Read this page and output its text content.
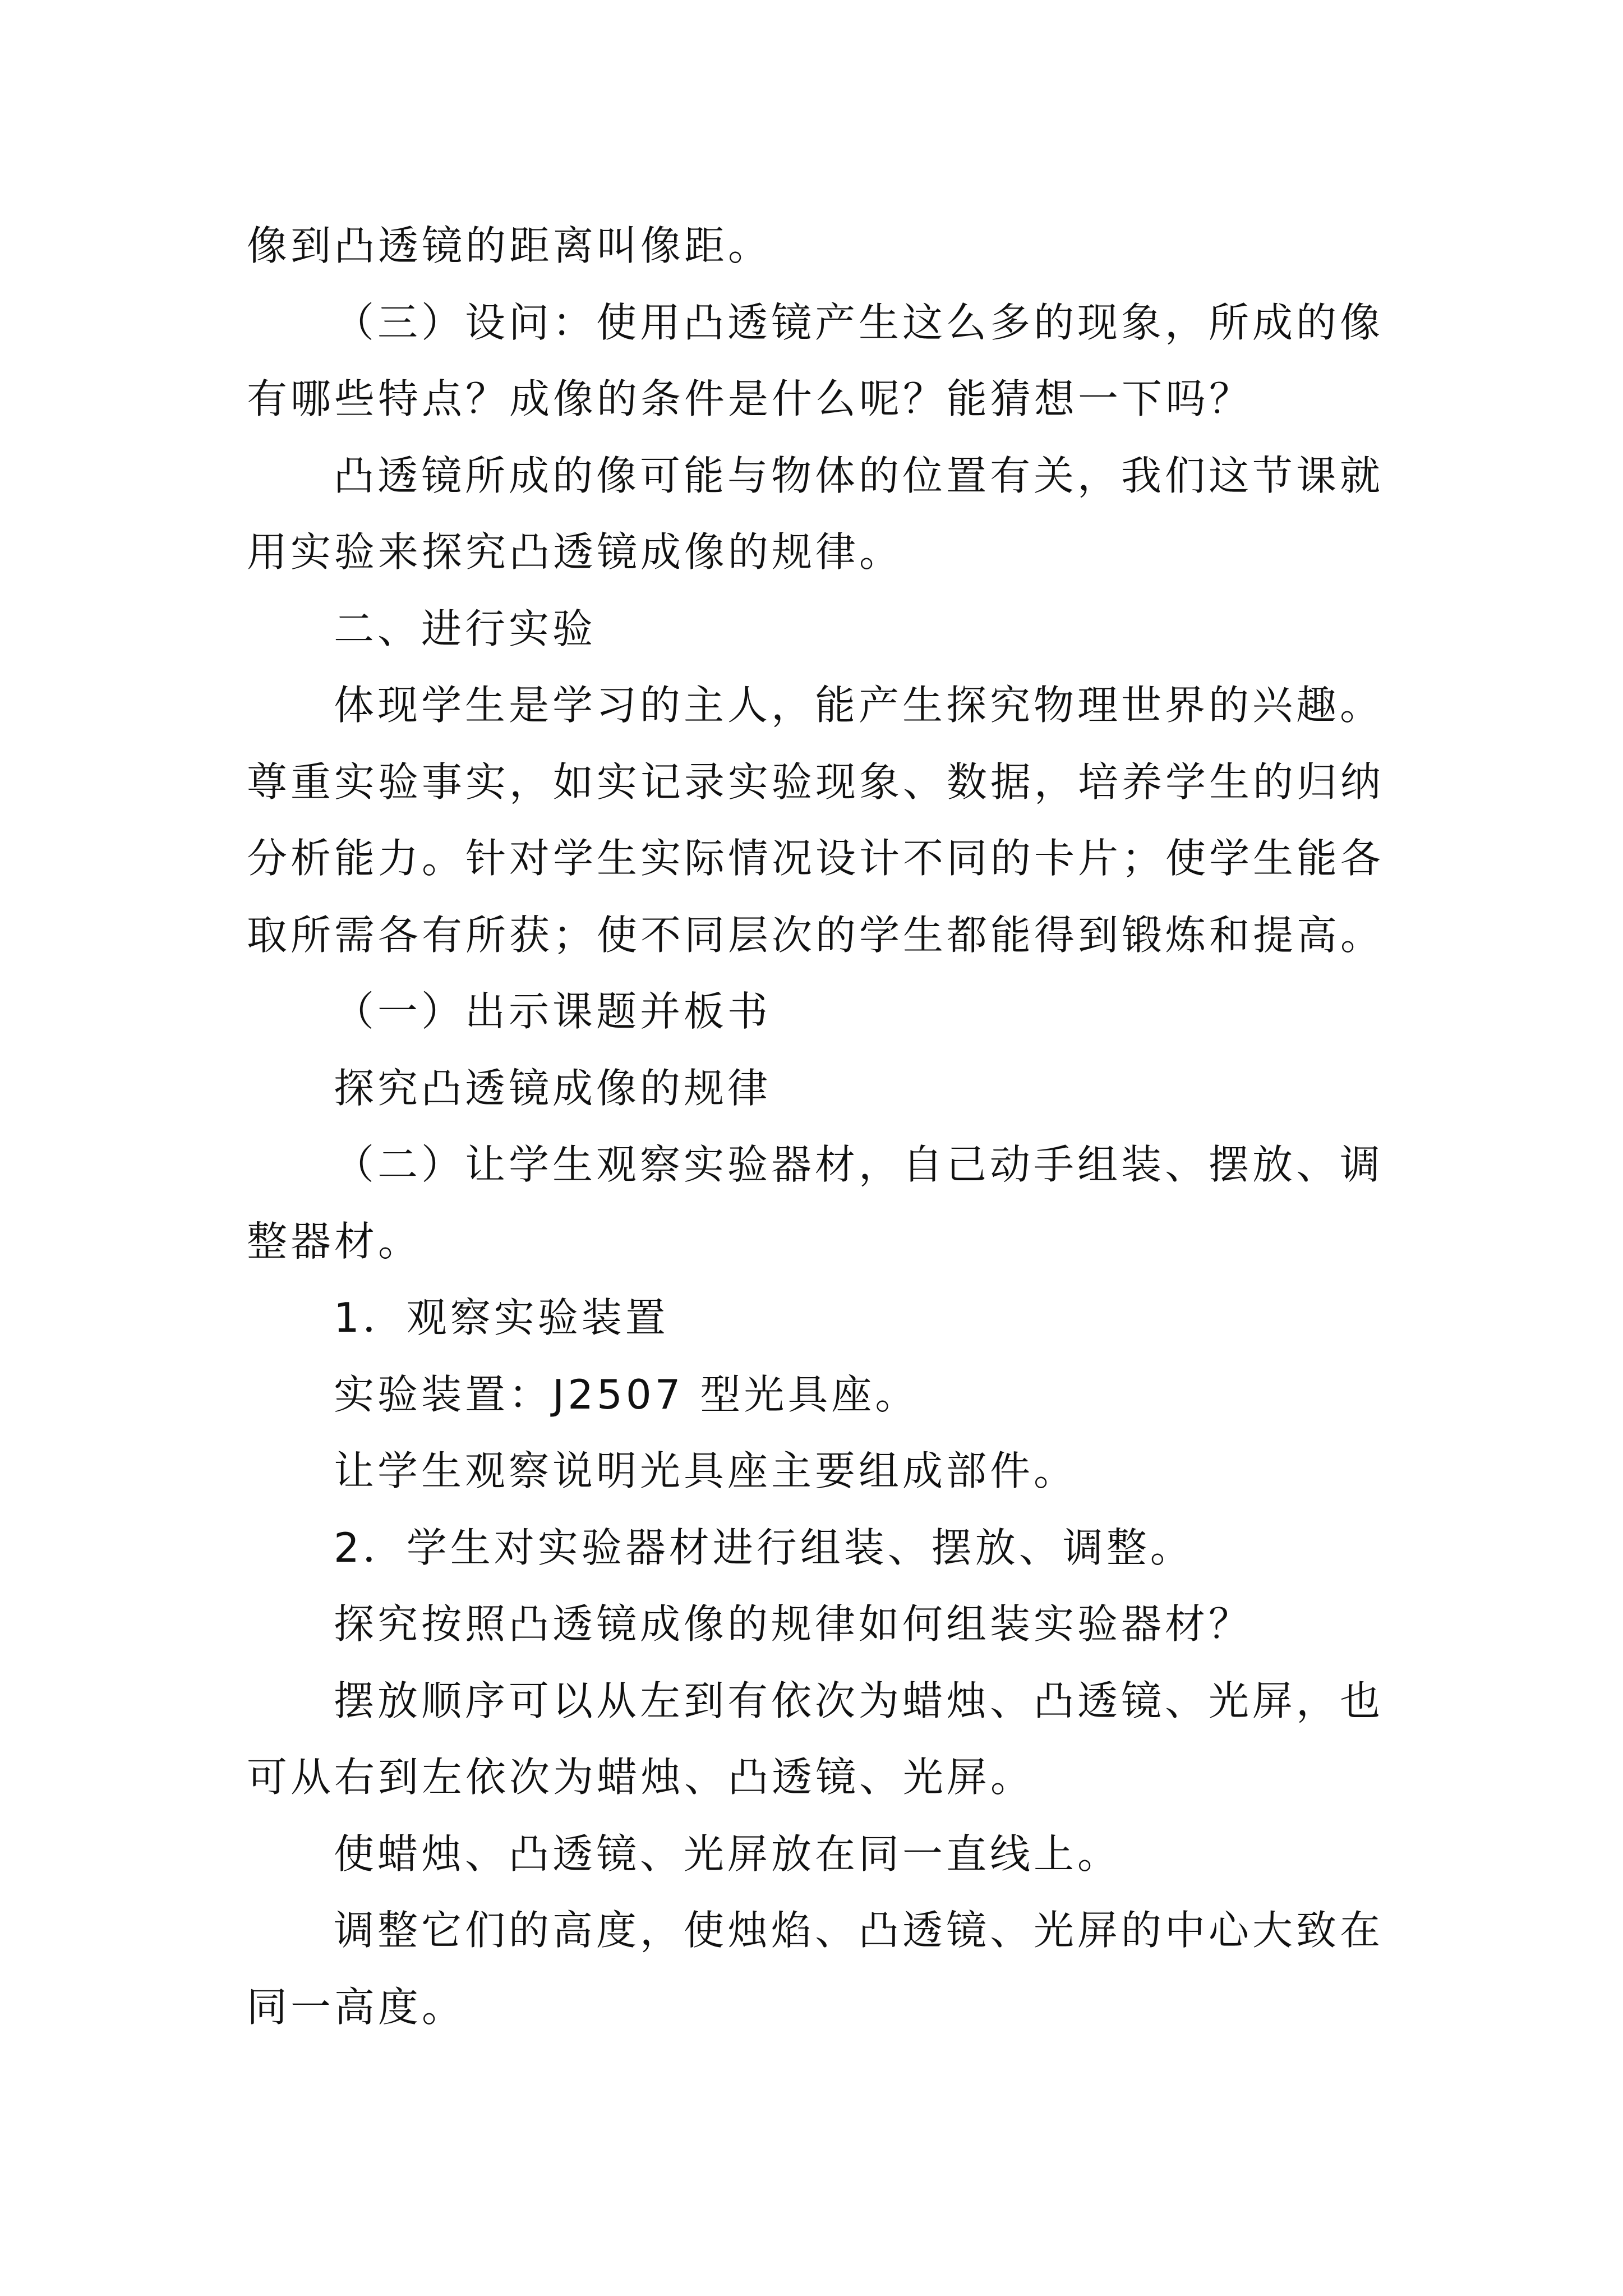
像到凸透镜的距离叫像距。
（三）设问：使用凸透镜产生这么多的现象，所成的像
有哪些特点？成像的条件是什么呢？能猜想一下吗？
凸透镜所成的像可能与物体的位置有关，我们这节课就
用实验来探究凸透镜成像的规律。
二、进行实验
体现学生是学习的主人，能产生探究物理世界的兴趣。
尊重实验事实，如实记录实验现象、数据，培养学生的归纳
分析能力。针对学生实际情况设计不同的卡片；使学生能各
取所需各有所获；使不同层次的学生都能得到锻炼和提高。
（一）出示课题并板书
探究凸透镜成像的规律
（二）让学生观察实验器材，自己动手组装、摆放、调
整器材。
1．观察实验装置
实验装置：J2507 型光具座。
让学生观察说明光具座主要组成部件。
2．学生对实验器材进行组装、摆放、调整。
探究按照凸透镜成像的规律如何组装实验器材？
摆放顺序可以从左到有依次为蜡烛、凸透镜、光屏，也
可从右到左依次为蜡烛、凸透镜、光屏。
使蜡烛、凸透镜、光屏放在同一直线上。
调整它们的高度，使烛焰、凸透镜、光屏的中心大致在
同一高度。
